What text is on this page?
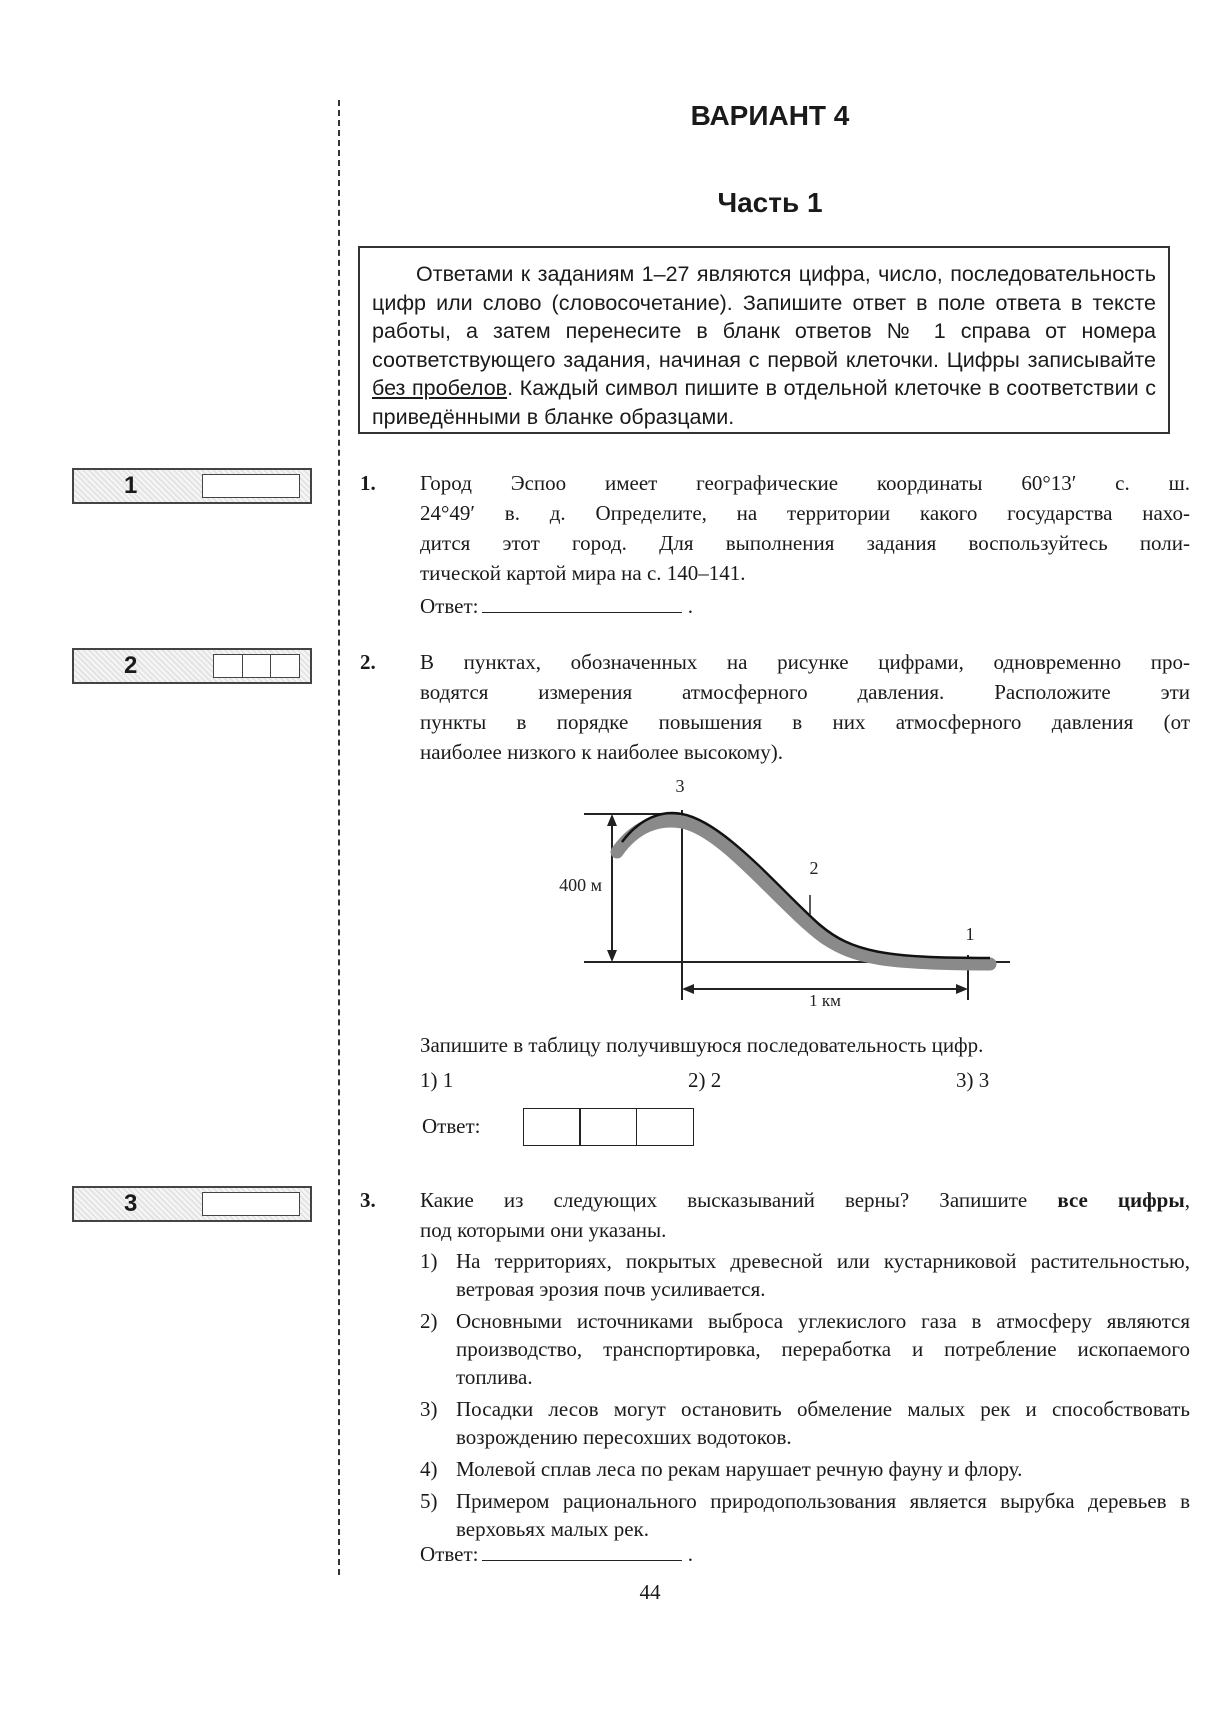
ВАРИАНТ 4
Часть 1
Ответами к заданиям 1–27 являются цифра, число, последовательность цифр или слово (словосочетание). Запишите ответ в поле ответа в тексте работы, а затем перенесите в бланк ответов № 1 справа от номера соответствующего задания, начиная с первой клеточки. Цифры записывайте без пробелов. Каждый символ пишите в отдельной клеточке в соответствии с приведёнными в бланке образцами.
1
2
3
1. Город Эспоо имеет географические координаты 60°13′ с. ш.
24°49′ в. д. Определите, на территории какого государства нахо-
дится этот город. Для выполнения задания воспользуйтесь поли-
тической картой мира на с. 140–141.
Ответ:	.
2. В пунктах, обозначенных на рисунке цифрами, одновременно про-
водятся измерения атмосферного давления. Расположите эти
пункты в порядке повышения в них атмосферного давления (от
наиболее низкого к наиболее высокому).
3
2
1
400 м
1 км
Запишите в таблицу получившуюся последовательность цифр.
1) 1	2) 2	3) 3
Ответ:
3. Какие из следующих высказываний верны? Запишите все цифры,
под которыми они указаны.
1) На территориях, покрытых древесной или кустарниковой растительностью, ветровая эрозия почв усиливается.
2) Основными источниками выброса углекислого газа в атмосферу являются производство, транспортировка, переработка и потребление ископаемого топлива.
3) Посадки лесов могут остановить обмеление малых рек и способствовать возрождению пересохших водотоков.
4) Молевой сплав леса по рекам нарушает речную фауну и флору.
5) Примером рационального природопользования является вырубка деревьев в верховьях малых рек.
Ответ:	.
44
